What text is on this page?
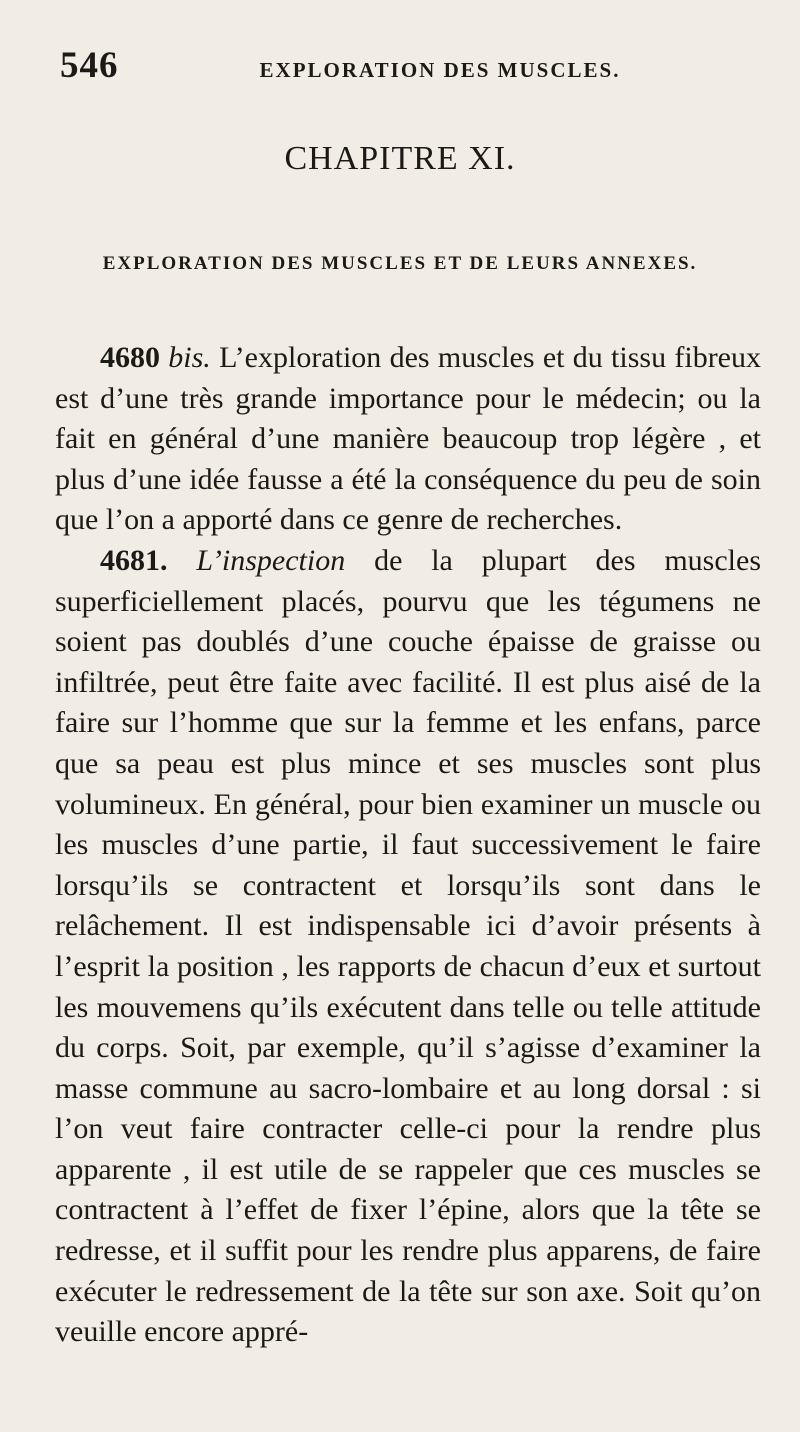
546	EXPLORATION DES MUSCLES.
CHAPITRE XI.
EXPLORATION DES MUSCLES ET DE LEURS ANNEXES.

4680 bis. L’exploration des muscles et du tissu fibreux est d’une très grande importance pour le médecin; ou la fait en général d’une manière beaucoup trop légère , et plus d’une idée fausse a été la conséquence du peu de soin que l’on a apporté dans ce genre de recherches.

4681. L’inspection de la plupart des muscles superficiellement placés, pourvu que les tégumens ne soient pas doublés d’une couche épaisse de graisse ou infiltrée, peut être faite avec facilité. Il est plus aisé de la faire sur l’homme que sur la femme et les enfans, parce que sa peau est plus mince et ses muscles sont plus volumineux. En général, pour bien examiner un muscle ou les muscles d’une partie, il faut successivement le faire lorsqu’ils se contractent et lorsqu’ils sont dans le relâchement. Il est indispensable ici d’avoir présents à l’esprit la position , les rapports de chacun d’eux et surtout les mouvemens qu’ils exécutent dans telle ou telle attitude du corps. Soit, par exemple, qu’il s’agisse d’examiner la masse commune au sacro-lombaire et au long dorsal : si l’on veut faire contracter celle-ci pour la rendre plus apparente , il est utile de se rappeler que ces muscles se contractent à l’effet de fixer l’épine, alors que la tête se redresse, et il suffit pour les rendre plus apparens, de faire exécuter le redressement de la tête sur son axe. Soit qu’on veuille encore appré-
